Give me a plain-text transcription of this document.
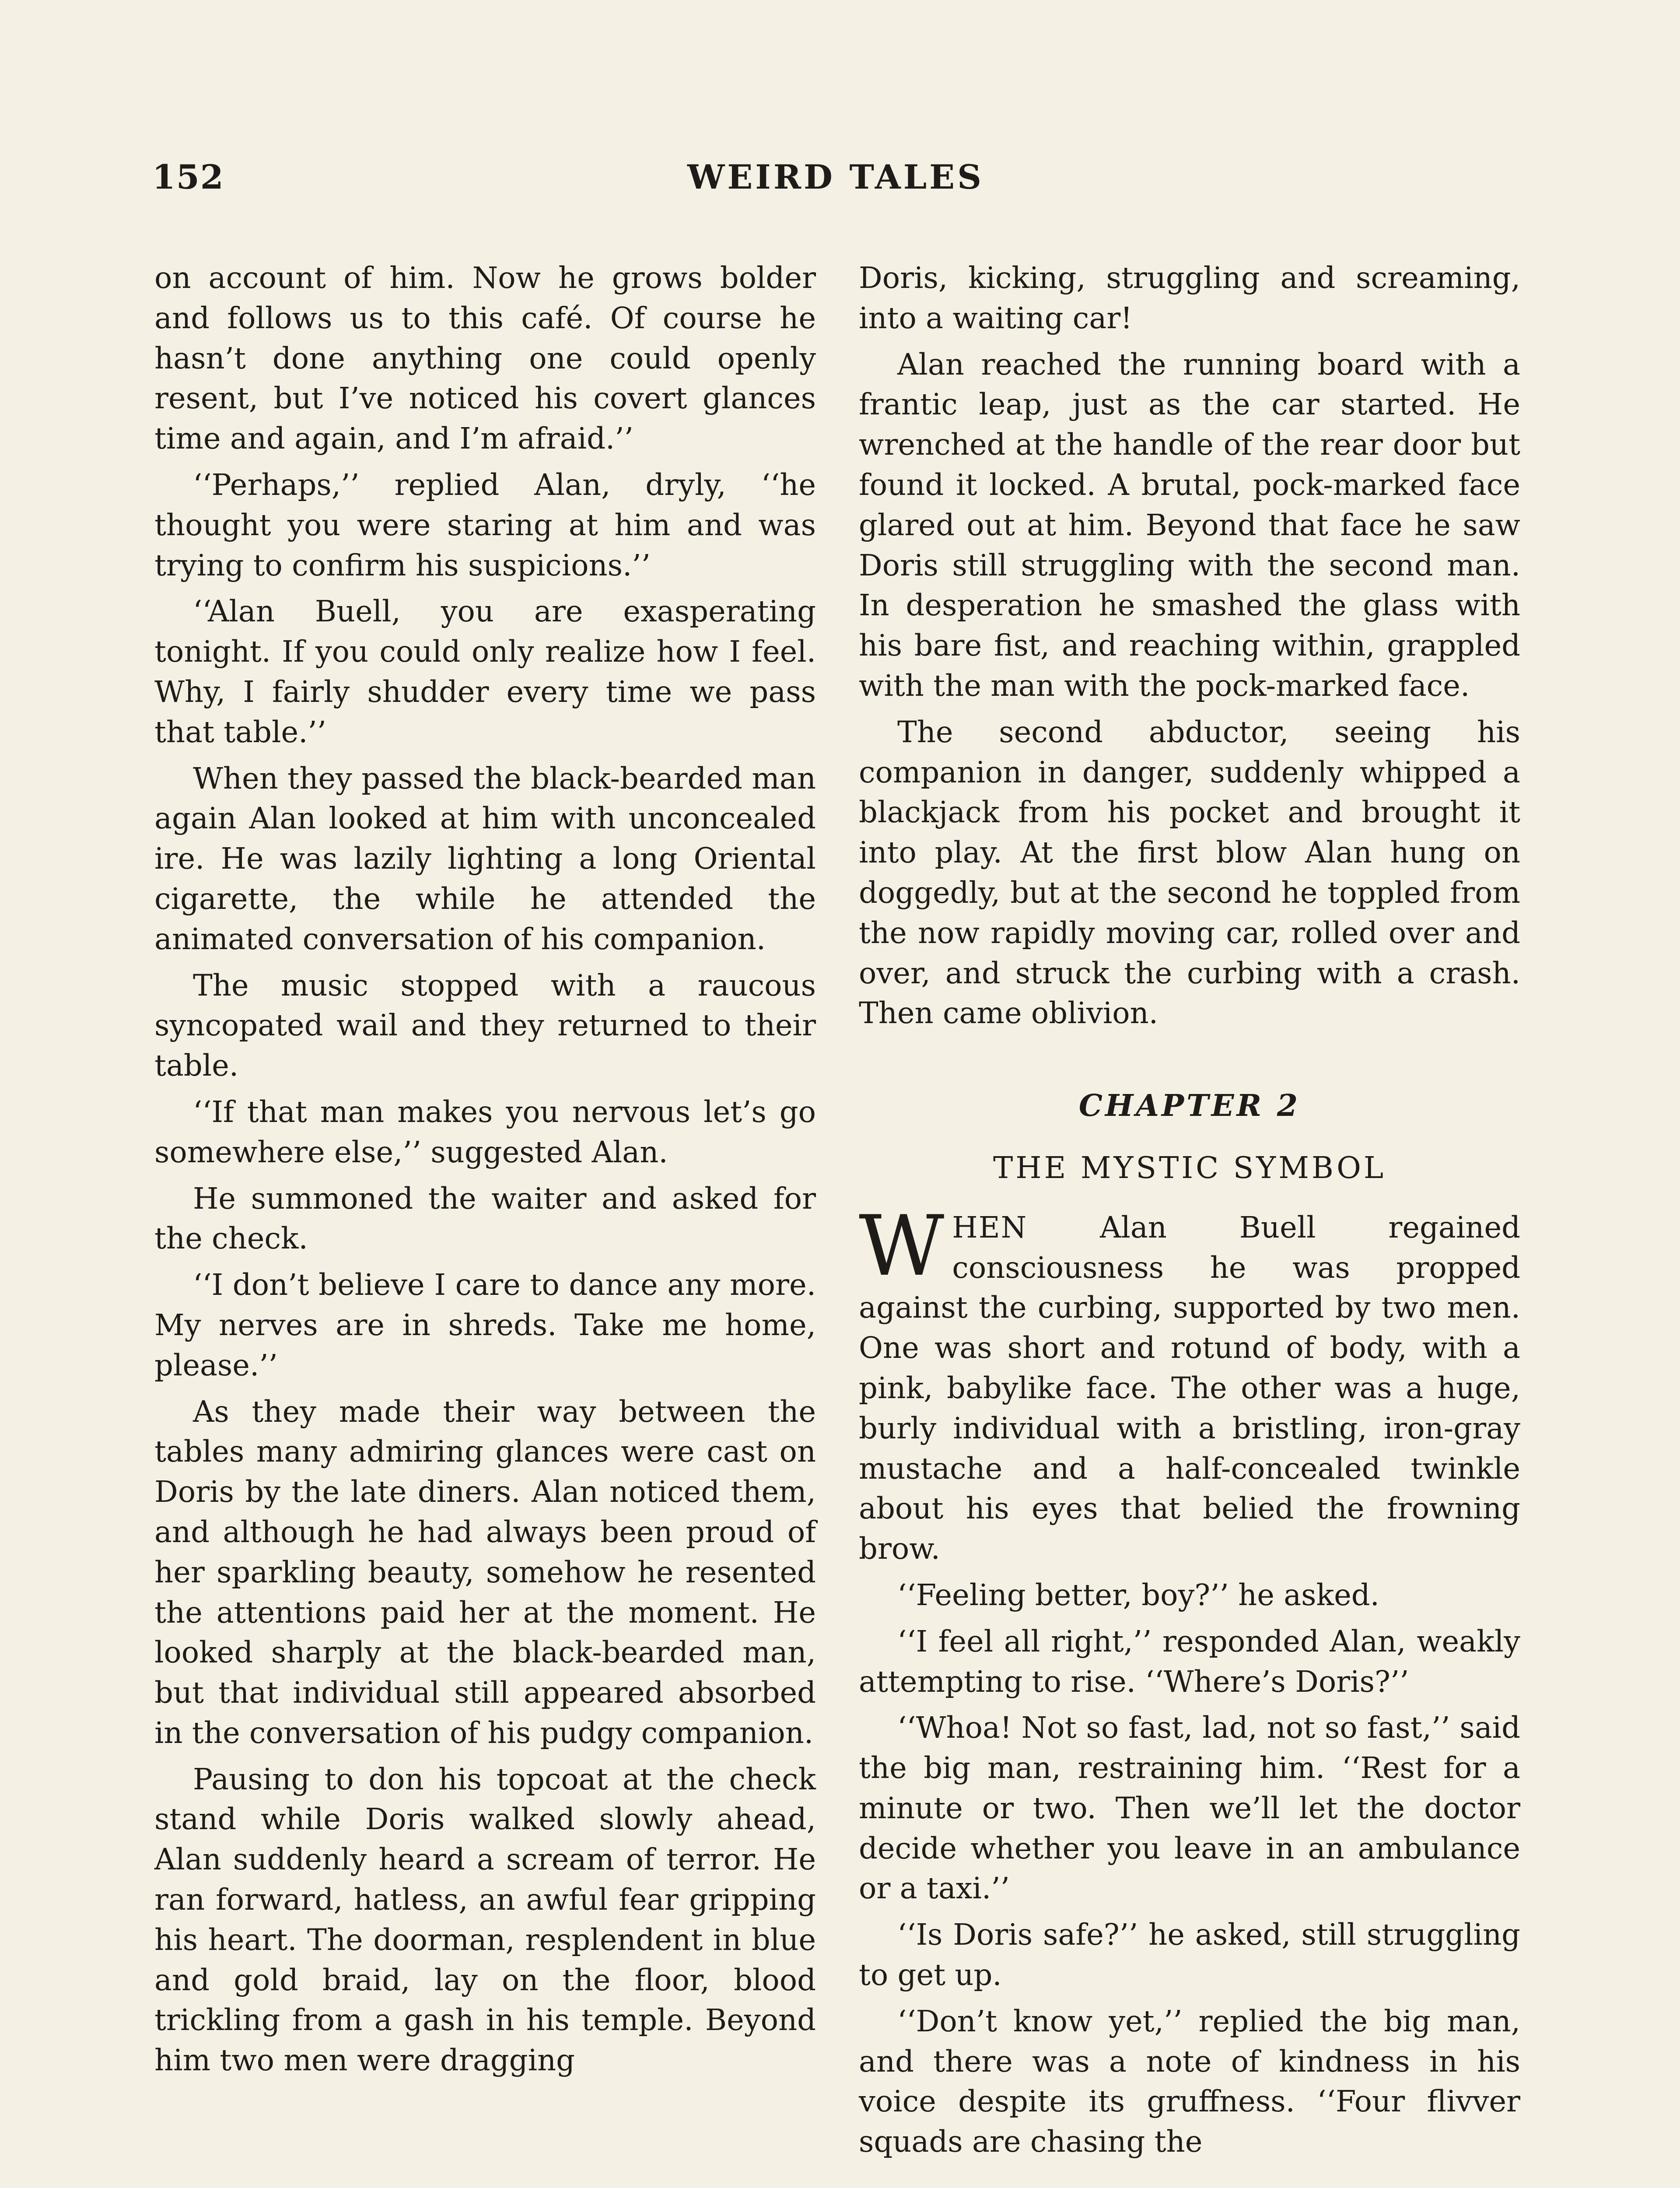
152	WEIRD TALES

on account of him. Now he grows bolder and follows us to this café. Of course he hasn’t done anything one could openly resent, but I’ve noticed his covert glances time and again, and I’m afraid.’’

‘‘Perhaps,’’ replied Alan, dryly, ‘‘he thought you were staring at him and was trying to confirm his suspicions.’’

‘‘Alan Buell, you are exasperating tonight. If you could only realize how I feel. Why, I fairly shudder every time we pass that table.’’

When they passed the black-bearded man again Alan looked at him with unconcealed ire. He was lazily lighting a long Oriental cigarette, the while he attended the animated conversation of his companion.

The music stopped with a raucous syncopated wail and they returned to their table.

‘‘If that man makes you nervous let’s go somewhere else,’’ suggested Alan.

He summoned the waiter and asked for the check.

‘‘I don’t believe I care to dance any more. My nerves are in shreds. Take me home, please.’’

As they made their way between the tables many admiring glances were cast on Doris by the late diners. Alan noticed them, and although he had always been proud of her sparkling beauty, somehow he resented the attentions paid her at the moment. He looked sharply at the black-bearded man, but that individual still appeared absorbed in the conversation of his pudgy companion.

Pausing to don his topcoat at the check stand while Doris walked slowly ahead, Alan suddenly heard a scream of terror. He ran forward, hatless, an awful fear gripping his heart. The doorman, resplendent in blue and gold braid, lay on the floor, blood trickling from a gash in his temple. Beyond him two men were dragging

Doris, kicking, struggling and screaming, into a waiting car!

Alan reached the running board with a frantic leap, just as the car started. He wrenched at the handle of the rear door but found it locked. A brutal, pock-marked face glared out at him. Beyond that face he saw Doris still struggling with the second man. In desperation he smashed the glass with his bare fist, and reaching within, grappled with the man with the pock-marked face.

The second abductor, seeing his companion in danger, suddenly whipped a blackjack from his pocket and brought it into play. At the first blow Alan hung on doggedly, but at the second he toppled from the now rapidly moving car, rolled over and over, and struck the curbing with a crash. Then came oblivion.

CHAPTER 2
THE MYSTIC SYMBOL

WHEN Alan Buell regained consciousness he was propped against the curbing, supported by two men. One was short and rotund of body, with a pink, babylike face. The other was a huge, burly individual with a bristling, iron-gray mustache and a half-concealed twinkle about his eyes that belied the frowning brow.

‘‘Feeling better, boy?’’ he asked.

‘‘I feel all right,’’ responded Alan, weakly attempting to rise. ‘‘Where’s Doris?’’

‘‘Whoa! Not so fast, lad, not so fast,’’ said the big man, restraining him. ‘‘Rest for a minute or two. Then we’ll let the doctor decide whether you leave in an ambulance or a taxi.’’

‘‘Is Doris safe?’’ he asked, still struggling to get up.

‘‘Don’t know yet,’’ replied the big man, and there was a note of kindness in his voice despite its gruffness. ‘‘Four flivver squads are chasing the
